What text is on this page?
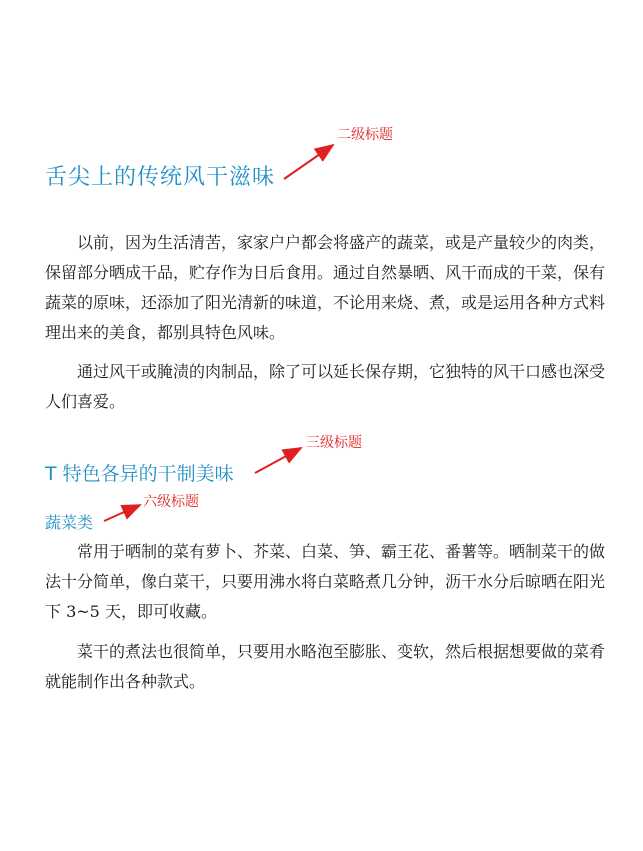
二级标题
三级标题
六级标题
舌尖上的传统风干滋味

以前，因为生活清苦，家家户户都会将盛产的蔬菜，或是产量较少的肉类，保留部分晒成干品，贮存作为日后食用。通过自然暴晒、风干而成的干菜，保有蔬菜的原味，还添加了阳光清新的味道，不论用来烧、煮，或是运用各种方式料理出来的美食，都别具特色风味。

通过风干或腌渍的肉制品，除了可以延长保存期，它独特的风干口感也深受人们喜爱。

T 特色各异的干制美味
蔬菜类

常用于晒制的菜有萝卜、芥菜、白菜、笋、霸王花、番薯等。晒制菜干的做法十分简单，像白菜干，只要用沸水将白菜略煮几分钟，沥干水分后晾晒在阳光下 3~5 天，即可收藏。

菜干的煮法也很简单，只要用水略泡至膨胀、变软，然后根据想要做的菜肴就能制作出各种款式。
